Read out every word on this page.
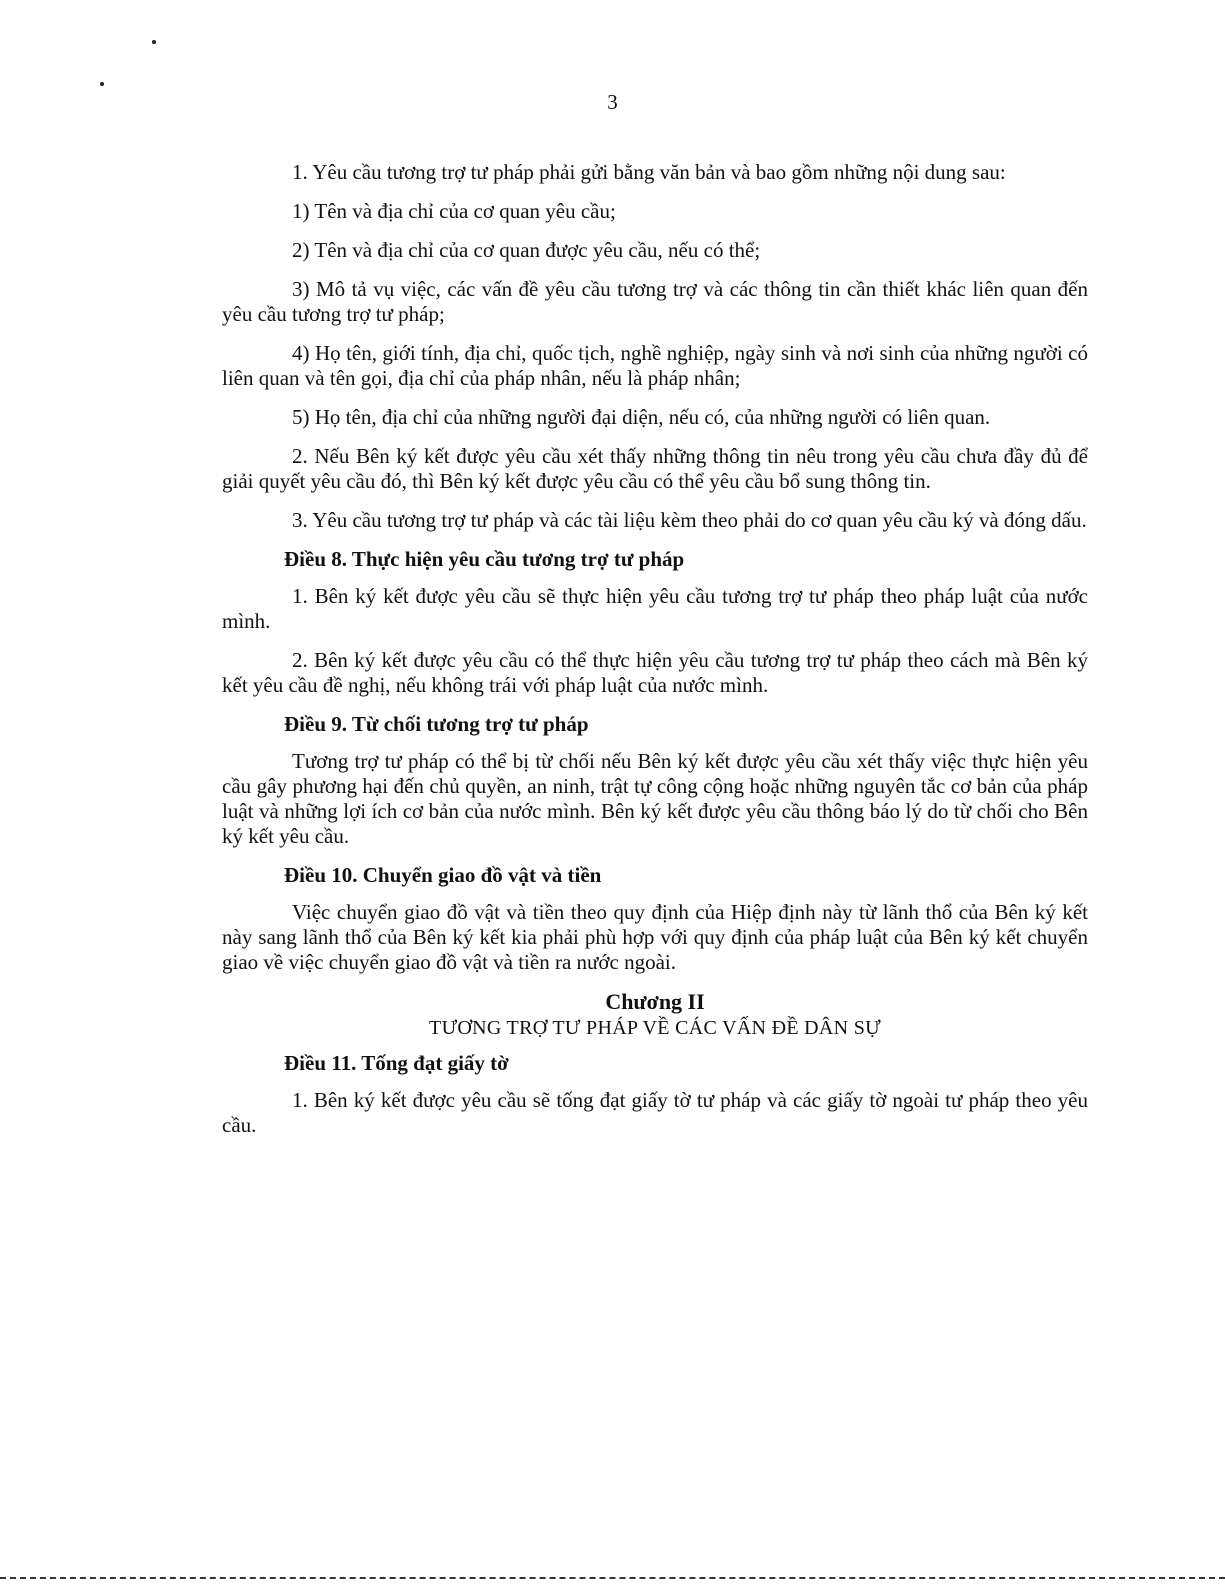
3

1. Yêu cầu tương trợ tư pháp phải gửi bằng văn bản và bao gồm những nội dung sau:

1) Tên và địa chỉ của cơ quan yêu cầu;

2) Tên và địa chỉ của cơ quan được yêu cầu, nếu có thể;

3) Mô tả vụ việc, các vấn đề yêu cầu tương trợ và các thông tin cần thiết khác liên quan đến yêu cầu tương trợ tư pháp;

4) Họ tên, giới tính, địa chỉ, quốc tịch, nghề nghiệp, ngày sinh và nơi sinh của những người có liên quan và tên gọi, địa chỉ của pháp nhân, nếu là pháp nhân;

5) Họ tên, địa chỉ của những người đại diện, nếu có, của những người có liên quan.

2. Nếu Bên ký kết được yêu cầu xét thấy những thông tin nêu trong yêu cầu chưa đầy đủ để giải quyết yêu cầu đó, thì Bên ký kết được yêu cầu có thể yêu cầu bổ sung thông tin.

3. Yêu cầu tương trợ tư pháp và các tài liệu kèm theo phải do cơ quan yêu cầu ký và đóng dấu.

Điều 8. Thực hiện yêu cầu tương trợ tư pháp

1. Bên ký kết được yêu cầu sẽ thực hiện yêu cầu tương trợ tư pháp theo pháp luật của nước mình.

2. Bên ký kết được yêu cầu có thể thực hiện yêu cầu tương trợ tư pháp theo cách mà Bên ký kết yêu cầu đề nghị, nếu không trái với pháp luật của nước mình.

Điều 9. Từ chối tương trợ tư pháp

Tương trợ tư pháp có thể bị từ chối nếu Bên ký kết được yêu cầu xét thấy việc thực hiện yêu cầu gây phương hại đến chủ quyền, an ninh, trật tự công cộng hoặc những nguyên tắc cơ bản của pháp luật và những lợi ích cơ bản của nước mình. Bên ký kết được yêu cầu thông báo lý do từ chối cho Bên ký kết yêu cầu.

Điều 10. Chuyển giao đồ vật và tiền

Việc chuyển giao đồ vật và tiền theo quy định của Hiệp định này từ lãnh thổ của Bên ký kết này sang lãnh thổ của Bên ký kết kia phải phù hợp với quy định của pháp luật của Bên ký kết chuyển giao về việc chuyển giao đồ vật và tiền ra nước ngoài.

Chương II
TƯƠNG TRỢ TƯ PHÁP VỀ CÁC VẤN ĐỀ DÂN SỰ
Điều 11. Tống đạt giấy tờ

1. Bên ký kết được yêu cầu sẽ tống đạt giấy tờ tư pháp và các giấy tờ ngoài tư pháp theo yêu cầu.
